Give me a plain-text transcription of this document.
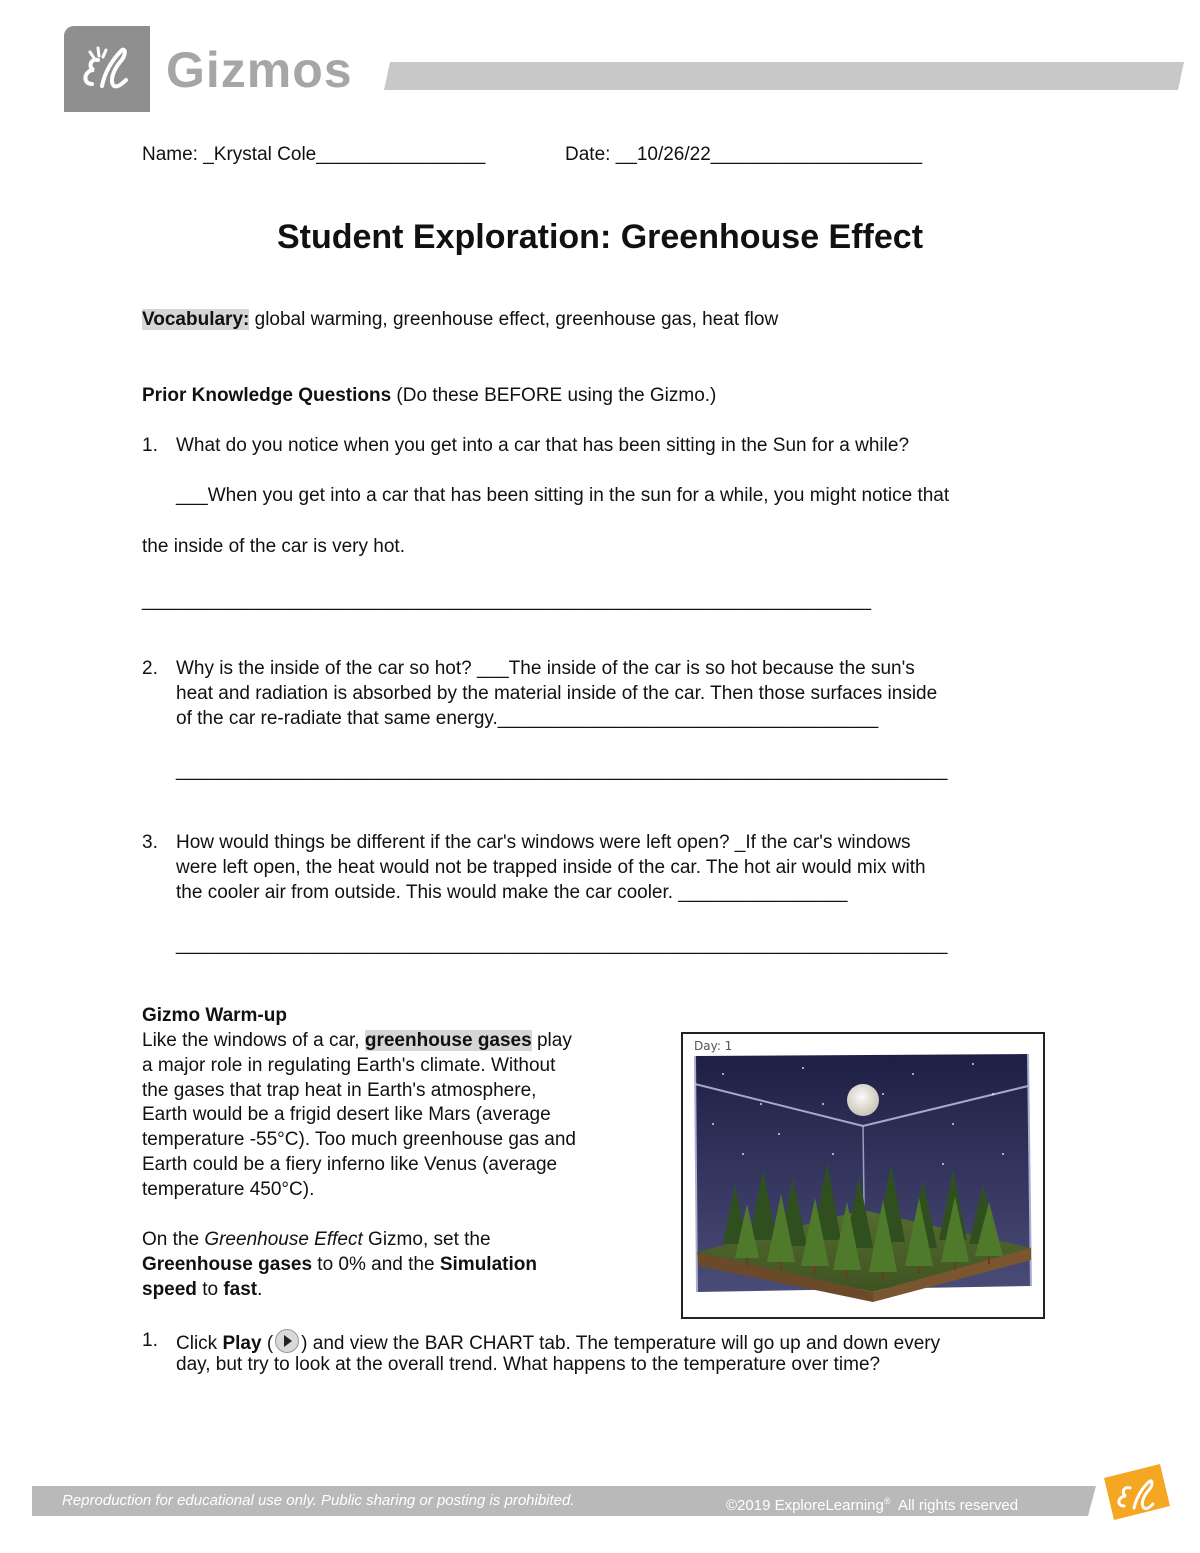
Gizmos
Name: _Krystal Cole________________	Date: __10/26/22____________________
Student Exploration: Greenhouse Effect
Vocabulary: global warming, greenhouse effect, greenhouse gas, heat flow
Prior Knowledge Questions (Do these BEFORE using the Gizmo.)
1. What do you notice when you get into a car that has been sitting in the Sun for a while?
___When you get into a car that has been sitting in the sun for a while, you might notice that
the inside of the car is very hot.
_____________________________________________________________________
2. Why is the inside of the car so hot? ___The inside of the car is so hot because the sun's
heat and radiation is absorbed by the material inside of the car. Then those surfaces inside
of the car re-radiate that same energy.____________________________________
_________________________________________________________________________
3. How would things be different if the car's windows were left open? _If the car's windows
were left open, the heat would not be trapped inside of the car. The hot air would mix with
the cooler air from outside. This would make the car cooler. ________________
_________________________________________________________________________
Gizmo Warm-up
Like the windows of a car, greenhouse gases play
a major role in regulating Earth's climate. Without
the gases that trap heat in Earth's atmosphere,
Earth would be a frigid desert like Mars (average
temperature -55°C). Too much greenhouse gas and
Earth could be a fiery inferno like Venus (average
temperature 450°C).
On the Greenhouse Effect Gizmo, set the
Greenhouse gases to 0% and the Simulation
speed to fast.
Day: 1
1. Click Play ( ) and view the BAR CHART tab. The temperature will go up and down every
day, but try to look at the overall trend. What happens to the temperature over time?
Reproduction for educational use only. Public sharing or posting is prohibited.	©2019 ExploreLearning®  All rights reserved
